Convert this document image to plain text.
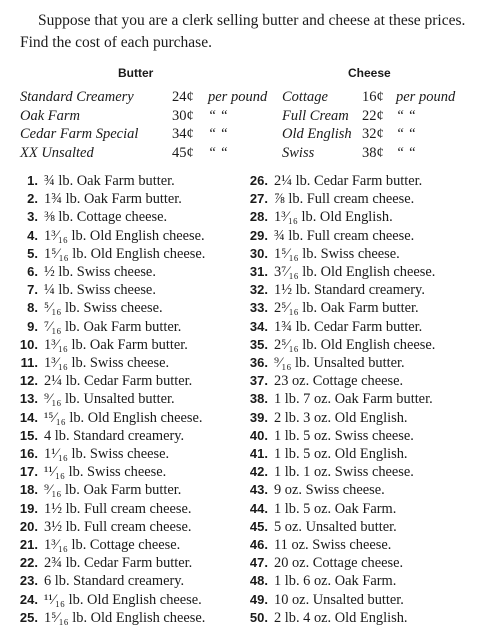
Suppose that you are a clerk selling butter and cheese at these prices. Find the cost of each purchase.
Butter	Cheese
Standard Creamery	24¢ per pound
Oak Farm	30¢ “ “
Cedar Farm Special 34¢ “ “
XX Unsalted	45¢ “ “
Cottage 16¢ per pound
Full Cream 22¢ “ “
Old English 32¢ “ “
Swiss	38¢ “ “
1. ¾ lb. Oak Farm butter.
2. 1¾ lb. Oak Farm butter.
3. ⅜ lb. Cottage cheese.
4. 1³⁄₁₆ lb. Old English cheese.
5. 1⁵⁄₁₆ lb. Old English cheese.
6. ½ lb. Swiss cheese.
7. ¼ lb. Swiss cheese.
8. ⁵⁄₁₆ lb. Swiss cheese.
9. ⁷⁄₁₆ lb. Oak Farm butter.
10. 1³⁄₁₆ lb. Oak Farm butter.
11. 1³⁄₁₆ lb. Swiss cheese.
12. 2¼ lb. Cedar Farm butter.
13. ⁹⁄₁₆ lb. Unsalted butter.
14. ¹⁵⁄₁₆ lb. Old English cheese.
15. 4 lb. Standard creamery.
16. 1¹⁄₁₆ lb. Swiss cheese.
17. ¹¹⁄₁₆ lb. Swiss cheese.
18. ⁹⁄₁₆ lb. Oak Farm butter.
19. 1½ lb. Full cream cheese.
20. 3½ lb. Full cream cheese.
21. 1³⁄₁₆ lb. Cottage cheese.
22. 2¾ lb. Cedar Farm butter.
23. 6 lb. Standard creamery.
24. ¹¹⁄₁₆ lb. Old English cheese.
25. 1⁵⁄₁₆ lb. Old English cheese.
26. 2¼ lb. Cedar Farm butter.
27. ⅞ lb. Full cream cheese.
28. 1³⁄₁₆ lb. Old English.
29. ¾ lb. Full cream cheese.
30. 1⁵⁄₁₆ lb. Swiss cheese.
31. 3⁷⁄₁₆ lb. Old English cheese.
32. 1½ lb. Standard creamery.
33. 2⁵⁄₁₆ lb. Oak Farm butter.
34. 1¾ lb. Cedar Farm butter.
35. 2⁵⁄₁₆ lb. Old English cheese.
36. ⁹⁄₁₆ lb. Unsalted butter.
37. 23 oz. Cottage cheese.
38. 1 lb. 7 oz. Oak Farm butter.
39. 2 lb. 3 oz. Old English.
40. 1 lb. 5 oz. Swiss cheese.
41. 1 lb. 5 oz. Old English.
42. 1 lb. 1 oz. Swiss cheese.
43. 9 oz. Swiss cheese.
44. 1 lb. 5 oz. Oak Farm.
45. 5 oz. Unsalted butter.
46. 11 oz. Swiss cheese.
47. 20 oz. Cottage cheese.
48. 1 lb. 6 oz. Oak Farm.
49. 10 oz. Unsalted butter.
50. 2 lb. 4 oz. Old English.
